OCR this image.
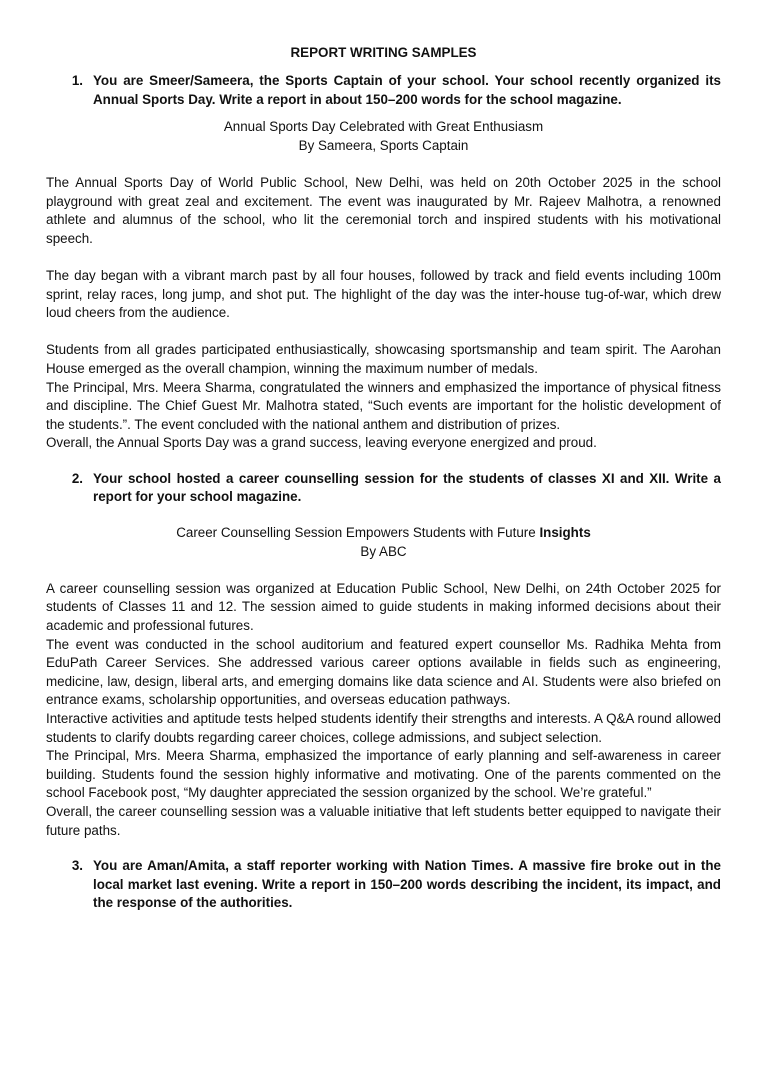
REPORT WRITING SAMPLES
1. You are Smeer/Sameera, the Sports Captain of your school. Your school recently organized its Annual Sports Day. Write a report in about 150–200 words for the school magazine.
Annual Sports Day Celebrated with Great Enthusiasm
By Sameera, Sports Captain

The Annual Sports Day of World Public School, New Delhi, was held on 20th October 2025 in the school playground with great zeal and excitement. The event was inaugurated by Mr. Rajeev Malhotra, a renowned athlete and alumnus of the school, who lit the ceremonial torch and inspired students with his motivational speech.

The day began with a vibrant march past by all four houses, followed by track and field events including 100m sprint, relay races, long jump, and shot put. The highlight of the day was the inter-house tug-of-war, which drew loud cheers from the audience.

Students from all grades participated enthusiastically, showcasing sportsmanship and team spirit. The Aarohan House emerged as the overall champion, winning the maximum number of medals.

The Principal, Mrs. Meera Sharma, congratulated the winners and emphasized the importance of physical fitness and discipline. The Chief Guest Mr. Malhotra stated, “Such events are important for the holistic development of the students.”. The event concluded with the national anthem and distribution of prizes.

Overall, the Annual Sports Day was a grand success, leaving everyone energized and proud.

2. Your school hosted a career counselling session for the students of classes XI and XII. Write a report for your school magazine.
Career Counselling Session Empowers Students with Future Insights
By ABC

A career counselling session was organized at Education Public School, New Delhi, on 24th October 2025 for students of Classes 11 and 12. The session aimed to guide students in making informed decisions about their academic and professional futures.

The event was conducted in the school auditorium and featured expert counsellor Ms. Radhika Mehta from EduPath Career Services. She addressed various career options available in fields such as engineering, medicine, law, design, liberal arts, and emerging domains like data science and AI. Students were also briefed on entrance exams, scholarship opportunities, and overseas education pathways.

Interactive activities and aptitude tests helped students identify their strengths and interests. A Q&A round allowed students to clarify doubts regarding career choices, college admissions, and subject selection.

The Principal, Mrs. Meera Sharma, emphasized the importance of early planning and self-awareness in career building. Students found the session highly informative and motivating. One of the parents commented on the school Facebook post, “My daughter appreciated the session organized by the school. We’re grateful.”

Overall, the career counselling session was a valuable initiative that left students better equipped to navigate their future paths.

3. You are Aman/Amita, a staff reporter working with Nation Times. A massive fire broke out in the local market last evening. Write a report in 150–200 words describing the incident, its impact, and the response of the authorities.
